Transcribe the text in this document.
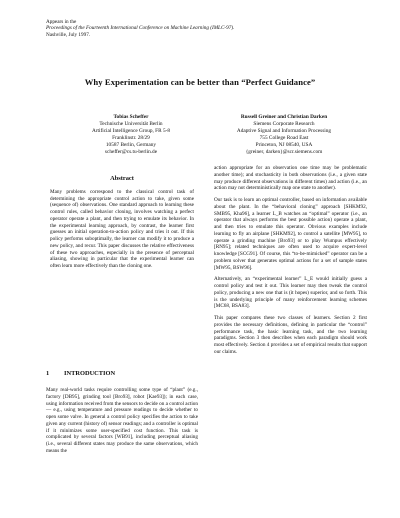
Appears in the
Proceedings of the Fourteenth International Conference on Machine Learning (IMLC-97).
Nashville, July 1997.
Why Experimentation can be better than “Perfect Guidance”
Tobias Scheffer
Technische Universität Berlin
Artificial Intelligence Group, FR 5-8
Franklinstr. 28/29
10587 Berlin, Germany
scheffer@cs.tu-berlin.de
Russell Greiner and Christian Darken
Siemens Corporate Research
Adaptive Signal and Information Processing
755 College Road East
Princeton, NJ 08540, USA
{greiner, darken}@scr.siemens.com
Abstract

Many problems correspond to the classical control task of determining the appropriate control action to take, given some (sequence of) observations. One standard approach to learning these control rules, called behavior cloning, involves watching a perfect operator operate a plant, and then trying to emulate its behavior. In the experimental learning approach, by contrast, the learner first guesses an initial operation-to-action policy and tries it out. If this policy performs suboptimally, the learner can modify it to produce a new policy, and recur. This paper discusses the relative effectiveness of these two approaches, especially in the presence of perceptual aliasing, showing in particular that the experimental learner can often learn more effectively than the cloning one.

1 INTRODUCTION
Many real-world tasks require controlling some type of “plant” (e.g., factory [DB95], grinding tool [Bro93], robot [Kae93]); in each case, using information received from the sensors to decide on a control action — e.g., using temperature and pressure readings to decide whether to open some valve. In general a control policy specifies the action to take given any current (history of) sensor readings; and a controller is optimal if it minimizes some user-specified cost function. This task is complicated by several factors [WB91], including perceptual aliasing (i.e., several different states may produce the same observations, which means the

action appropriate for an observation one time may be problematic another time); and stochasticity in both observations (i.e., a given state may produce different observations in different times) and action (i.e., an action may not deterministically map one state to another).

Our task is to learn an optimal controller, based on information available about the plant. In the “behavioral cloning” approach [SHKM92, SMB95, Kha96], a learner L_B watches an “optimal” operator (i.e., an operator that always performs the best possible action) operate a plant, and then tries to emulate this operator. Obvious examples include learning to fly an airplane [SHKM92], to control a satellite [MW95], to operate a grinding machine [Bro93] or to play Wumpus effectively [RN95]; related techniques are often used to acquire expert-level knowledge [SCG91]. Of course, this “to-be-mimicked” operator can be a problem solver that generates optimal actions for a set of sample states [MW95, BSW96].

Alternatively, an “experimental learner” L_E would initially guess a control policy and test it out. This learner may then tweak the control policy, producing a new one that is (it hopes) superior, and so forth. This is the underlying principle of many reinforcement learning schemes [MC68, BSA83].

This paper compares these two classes of learners. Section 2 first provides the necessary definitions, defining in particular the “control” performance task, the basic learning task, and the two learning paradigms. Section 3 then describes when each paradigm should work most effectively. Section 4 provides a set of empirical results that support our claims.
